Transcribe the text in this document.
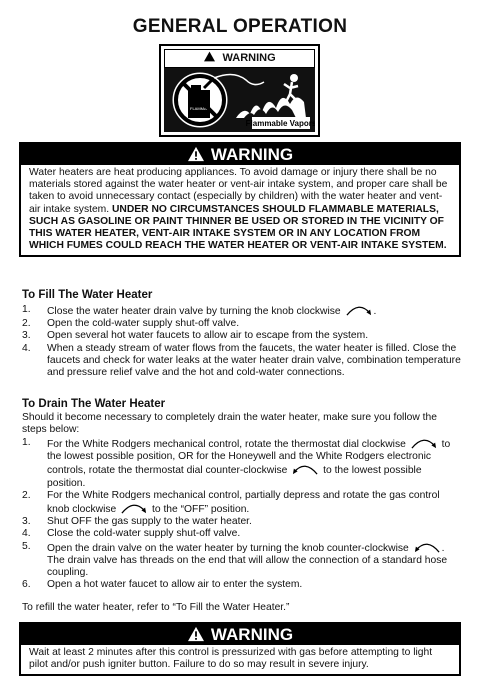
GENERAL OPERATION
WARNING
FLAMMABLE
Flammable Vapors
WARNING
Water heaters are heat producing appliances. To avoid damage or injury there shall be no materials stored against the water heater or vent-air intake system, and proper care shall be taken to avoid unnecessary contact (especially by children) with the water heater and vent-air intake system. UNDER NO CIRCUMSTANCES SHOULD FLAMMABLE MATERIALS, SUCH AS GASOLINE OR PAINT THINNER BE USED OR STORED IN THE VICINITY OF THIS WATER HEATER, VENT-AIR INTAKE SYSTEM OR IN ANY LOCATION FROM WHICH FUMES COULD REACH THE WATER HEATER OR VENT-AIR INTAKE SYSTEM.
To Fill The Water Heater
1. Close the water heater drain valve by turning the knob clockwise	.
2. Open the cold-water supply shut-off valve.
3. Open several hot water faucets to allow air to escape from the system.
4. When a steady stream of water flows from the faucets, the water heater is filled. Close the faucets and check for water leaks at the water heater drain valve, combination temperature and pressure relief valve and the hot and cold-water connections.
To Drain The Water Heater
Should it become necessary to completely drain the water heater, make sure you follow the steps below:
1. For the White Rodgers mechanical control, rotate the thermostat dial clockwise	to the lowest possible position, OR for the Honeywell and the White Rodgers electronic controls, rotate the thermostat dial counter-clockwise	to the lowest possible position.
2. For the White Rodgers mechanical control, partially depress and rotate the gas control knob clockwise	to the “OFF” position.
3. Shut OFF the gas supply to the water heater.
4. Close the cold-water supply shut-off valve.
5. Open the drain valve on the water heater by turning the knob counter-clockwise	. The drain valve has threads on the end that will allow the connection of a standard hose coupling.
6. Open a hot water faucet to allow air to enter the system.
To refill the water heater, refer to “To Fill the Water Heater.”
WARNING
Wait at least 2 minutes after this control is pressurized with gas before attempting to light pilot and/or push igniter button. Failure to do so may result in severe injury.
